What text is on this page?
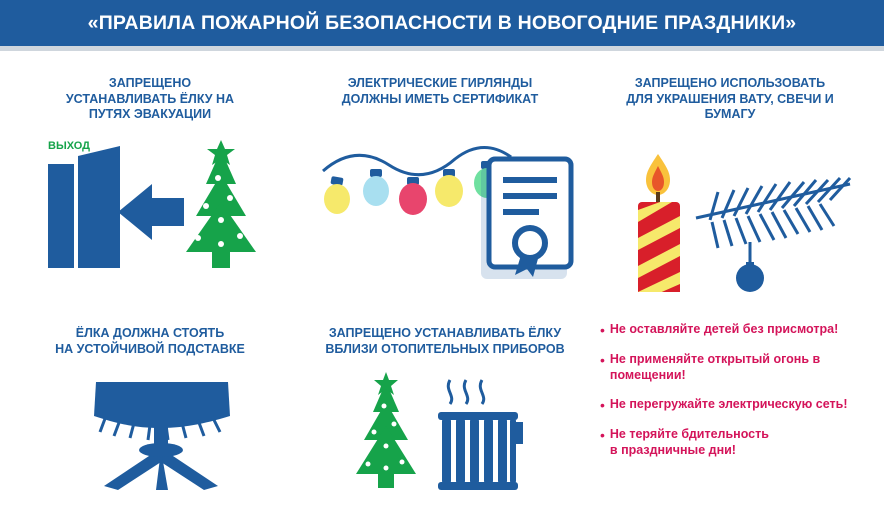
«ПРАВИЛА ПОЖАРНОЙ БЕЗОПАСНОСТИ В НОВОГОДНИЕ ПРАЗДНИКИ»
ЗАПРЕЩЕНО
УСТАНАВЛИВАТЬ ЁЛКУ НА
ПУТЯХ ЭВАКУАЦИИ
ВЫХОД
ЭЛЕКТРИЧЕСКИЕ ГИРЛЯНДЫ
ДОЛЖНЫ ИМЕТЬ СЕРТИФИКАТ
ЗАПРЕЩЕНО ИСПОЛЬЗОВАТЬ
ДЛЯ УКРАШЕНИЯ ВАТУ, СВЕЧИ И
БУМАГУ
ЁЛКА ДОЛЖНА СТОЯТЬ
НА УСТОЙЧИВОЙ ПОДСТАВКЕ
ЗАПРЕЩЕНО УСТАНАВЛИВАТЬ ЁЛКУ
ВБЛИЗИ ОТОПИТЕЛЬНЫХ ПРИБОРОВ
• Не оставляйте детей без присмотра!
• Не применяйте открытый огонь в
помещении!
• Не перегружайте электрическую сеть!
• Не теряйте бдительность
в праздничные дни!
